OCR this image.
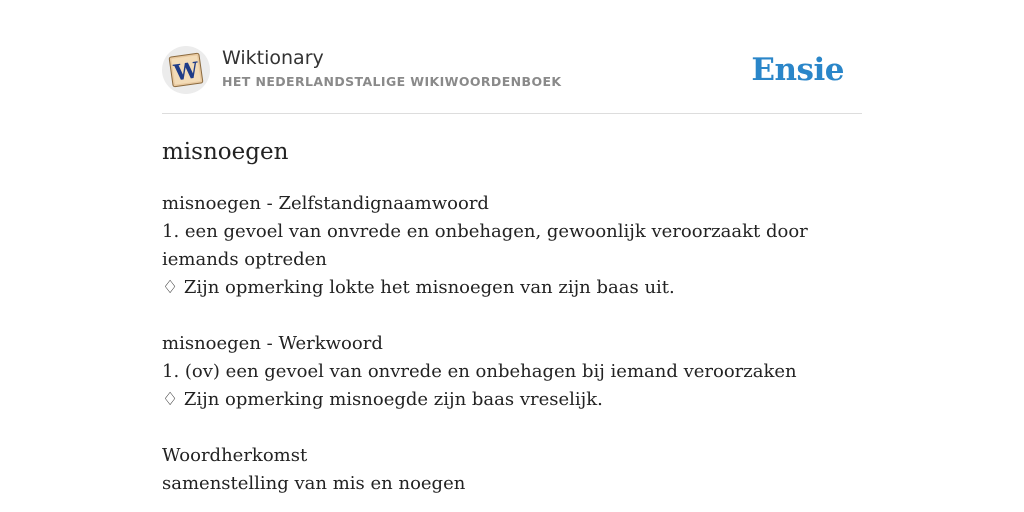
W Wiktionary
HET NEDERLANDSTALIGE WIKIWOORDENBOEK	Ensie
misnoegen
misnoegen - Zelfstandignaamwoord
1. een gevoel van onvrede en onbehagen, gewoonlijk veroorzaakt door iemands optreden
♢ Zijn opmerking lokte het misnoegen van zijn baas uit.
misnoegen - Werkwoord
1. (ov) een gevoel van onvrede en onbehagen bij iemand veroorzaken
♢ Zijn opmerking misnoegde zijn baas vreselijk.
Woordherkomst
samenstelling van mis en noegen
